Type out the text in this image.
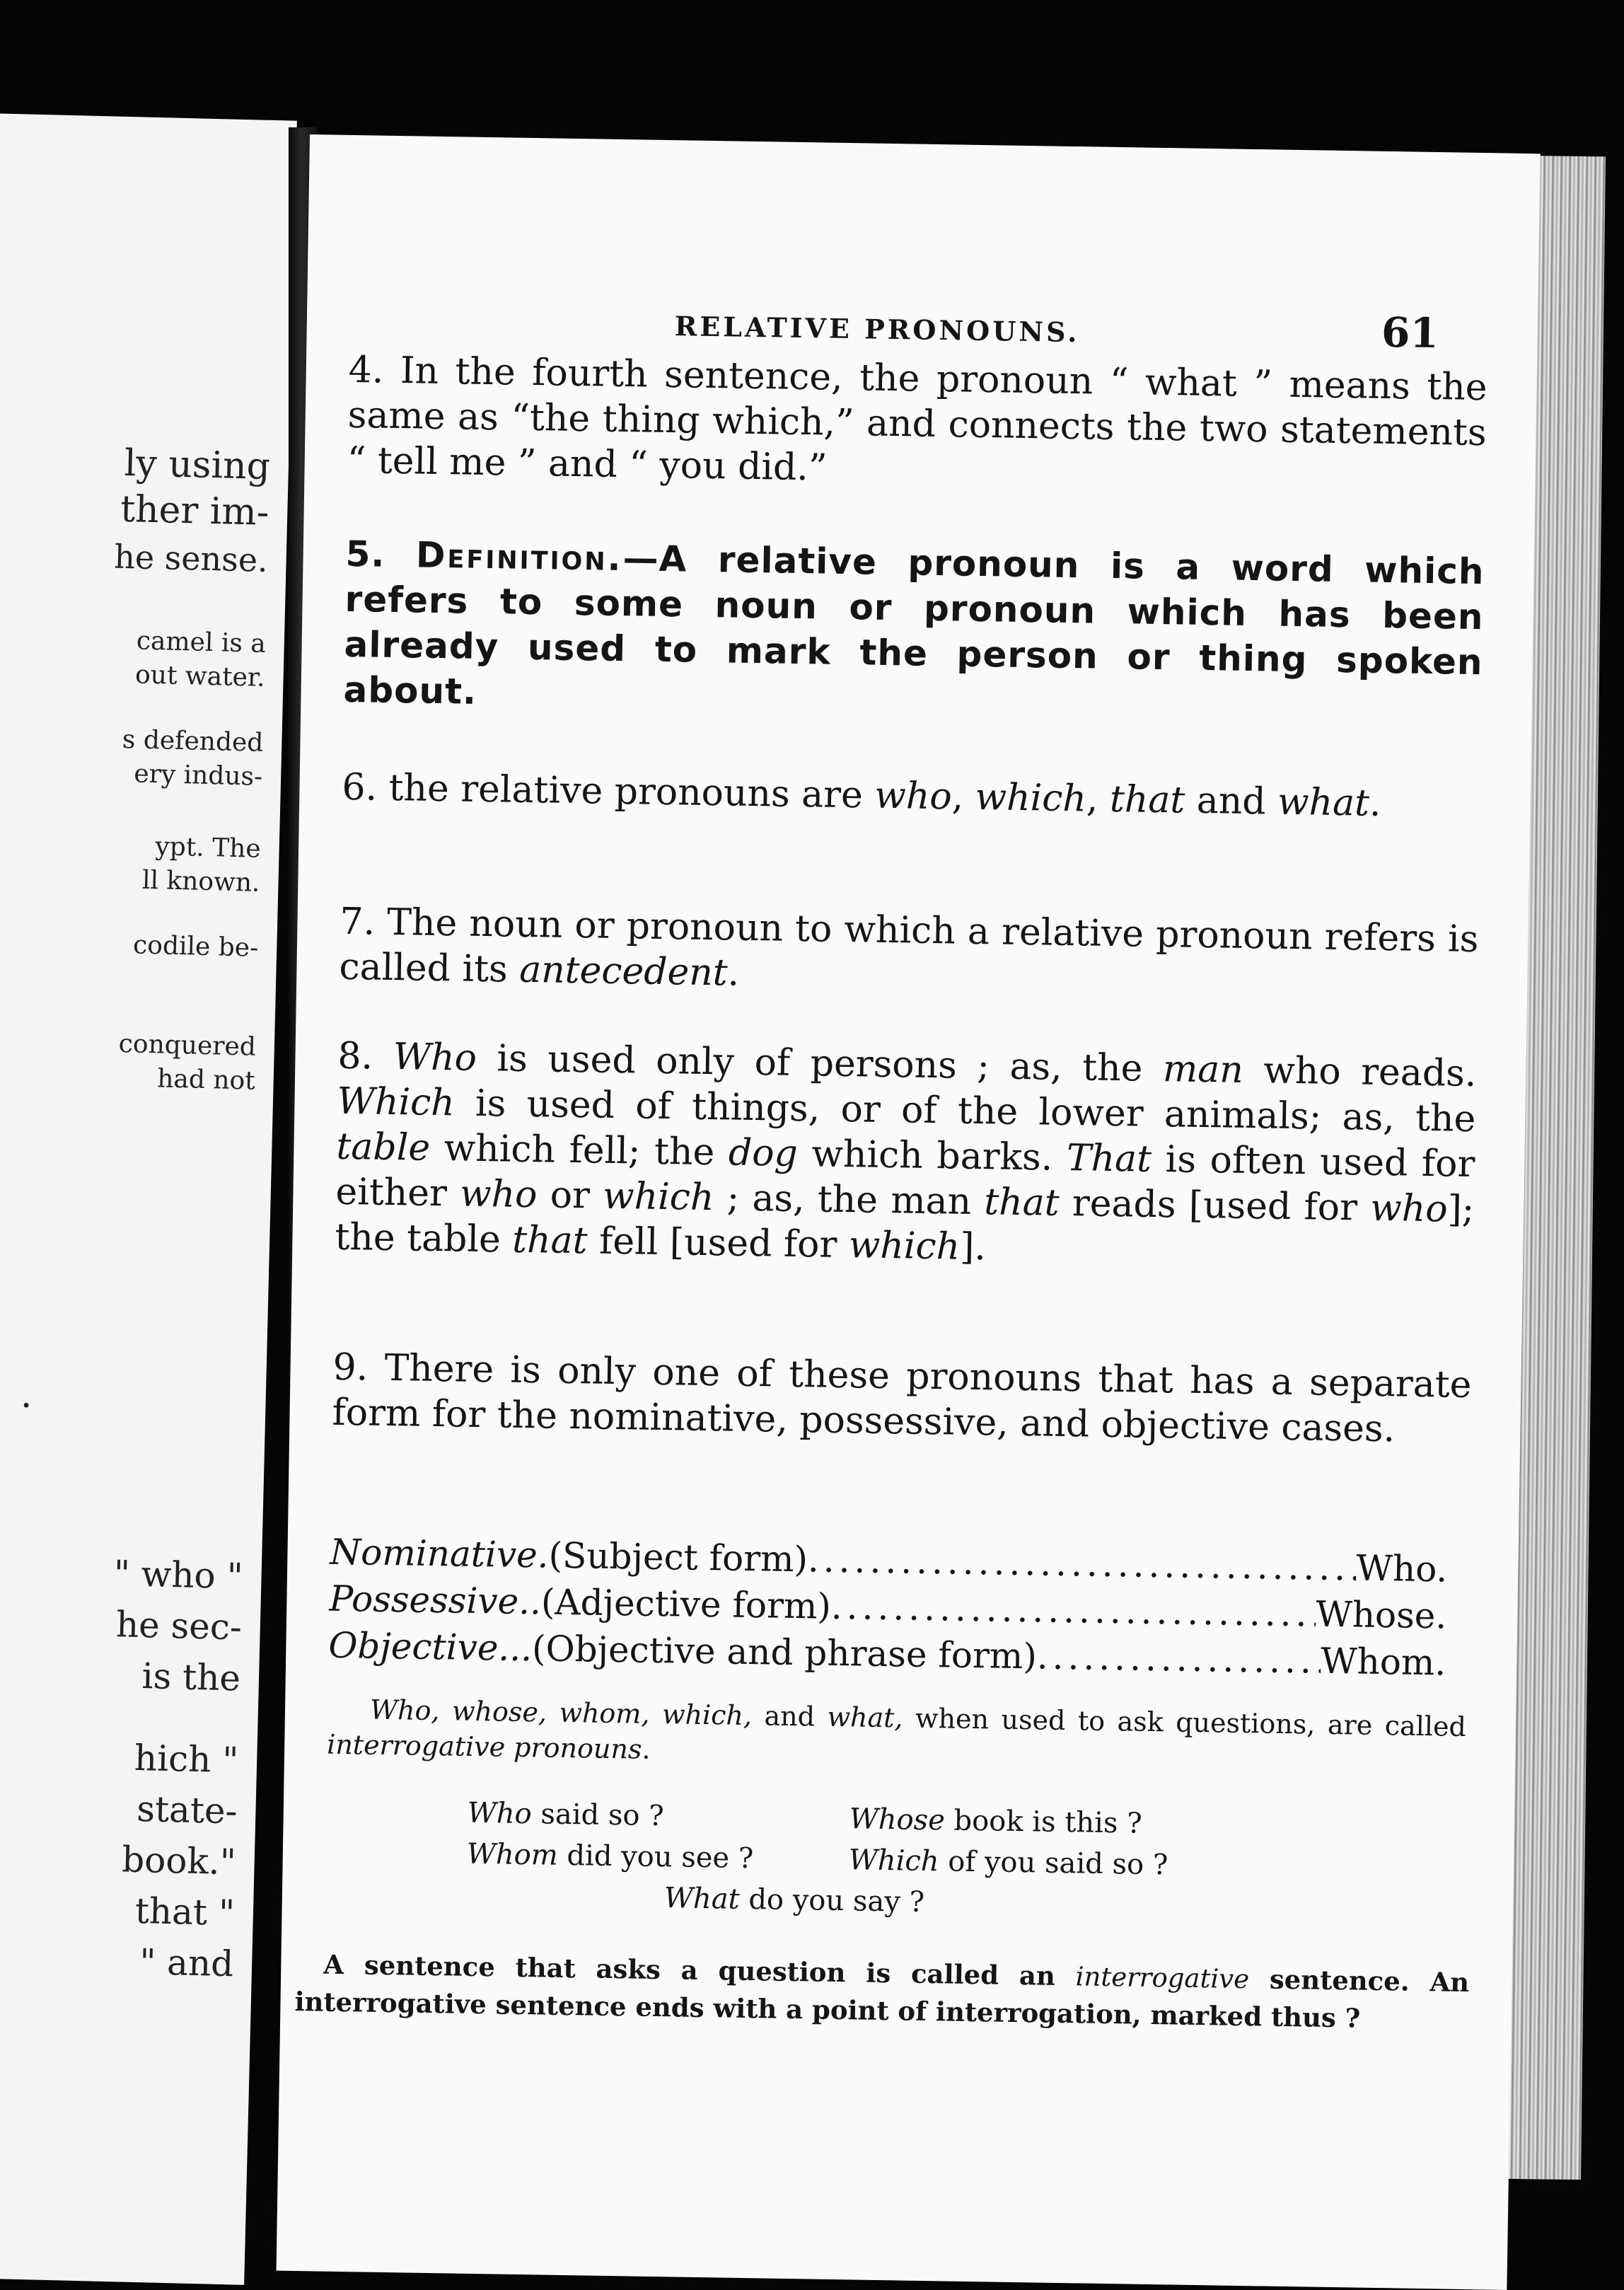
ly using
ther im-
he sense.
camel is a
out water.
s defended
ery indus-
ypt. The
ll known.
codile be-
conquered
had not
.
" who "
he sec-
is the
hich "
state-
book."
that "
" and
RELATIVE PRONOUNS.	61
4. In the fourth sentence, the pronoun “ what ” means the same as “the thing which,” and connects the two statements “ tell me ” and “ you did.”
5. Definition.—A relative pronoun is a word which refers to some noun or pronoun which has been already used to mark the person or thing spoken about.
6. the relative pronouns are who, which, that and what.
7. The noun or pronoun to which a relative pronoun refers is called its antecedent.
8. Who is used only of persons ; as, the man who reads. Which is used of things, or of the lower animals; as, the table which fell; the dog which barks. That is often used for either who or which ; as, the man that reads [used for who]; the table that fell [used for which].
9. There is only one of these pronouns that has a separate form for the nominative, possessive, and objective cases.
Nominative. (Subject form) .....	Who.
Possessive.. (Adjective form) .....	Whose.
Objective... (Objective and phrase form) .....	Whom.
Who, whose, whom, which, and what, when used to ask questions, are called interrogative pronouns.
Who said so ?	Whose book is this ?
Whom did you see ?	Which of you said so ?
What do you say ?
A sentence that asks a question is called an interrogative sentence. An interrogative sentence ends with a point of interrogation, marked thus ?
